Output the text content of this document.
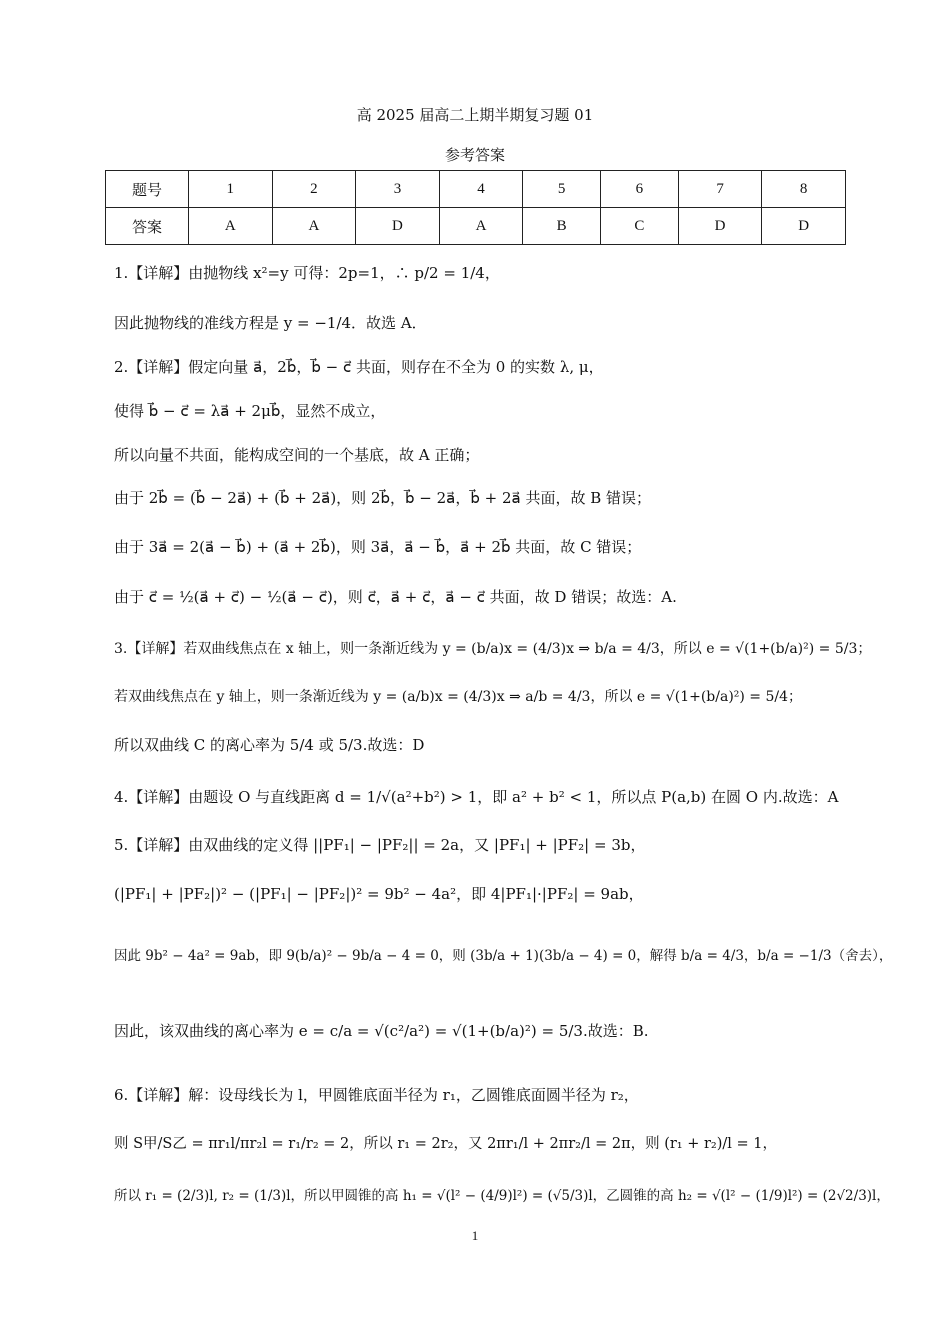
高 2025 届高二上期半期复习题 01
参考答案
题号	1	2	3	4	5	6	7	8
答案	A	A	D	A	B	C	D	D
1.【详解】由抛物线 x²=y 可得：2p=1，∴ p/2 = 1/4，
因此抛物线的准线方程是 y = −1/4．故选 A．
2.【详解】假定向量 a⃗，2b⃗，b⃗ − c⃗ 共面，则存在不全为 0 的实数 λ, μ，
使得 b⃗ − c⃗ = λa⃗ + 2μb⃗，显然不成立，
所以向量不共面，能构成空间的一个基底，故 A 正确；
由于 2b⃗ = (b⃗ − 2a⃗) + (b⃗ + 2a⃗)，则 2b⃗，b⃗ − 2a⃗，b⃗ + 2a⃗ 共面，故 B 错误；
由于 3a⃗ = 2(a⃗ − b⃗) + (a⃗ + 2b⃗)，则 3a⃗，a⃗ − b⃗，a⃗ + 2b⃗ 共面，故 C 错误；
由于 c⃗ = ½(a⃗ + c⃗) − ½(a⃗ − c⃗)，则 c⃗，a⃗ + c⃗，a⃗ − c⃗ 共面，故 D 错误；故选：A.
3.【详解】若双曲线焦点在 x 轴上，则一条渐近线为 y = (b/a)x = (4/3)x ⇒ b/a = 4/3，所以 e = √(1+(b/a)²) = 5/3；
若双曲线焦点在 y 轴上，则一条渐近线为 y = (a/b)x = (4/3)x ⇒ a/b = 4/3，所以 e = √(1+(b/a)²) = 5/4；
所以双曲线 C 的离心率为 5/4 或 5/3.故选：D
4.【详解】由题设 O 与直线距离 d = 1/√(a²+b²) > 1，即 a² + b² < 1，所以点 P(a,b) 在圆 O 内.故选：A
5.【详解】由双曲线的定义得 ||PF₁| − |PF₂|| = 2a，又 |PF₁| + |PF₂| = 3b，
(|PF₁| + |PF₂|)² − (|PF₁| − |PF₂|)² = 9b² − 4a²，即 4|PF₁|·|PF₂| = 9ab，
因此 9b² − 4a² = 9ab，即 9(b/a)² − 9b/a − 4 = 0，则 (3b/a + 1)(3b/a − 4) = 0，解得 b/a = 4/3，b/a = −1/3（舍去），
因此，该双曲线的离心率为 e = c/a = √(c²/a²) = √(1+(b/a)²) = 5/3.故选：B.
6.【详解】解：设母线长为 l，甲圆锥底面半径为 r₁，乙圆锥底面圆半径为 r₂，
则 S甲/S乙 = πr₁l/πr₂l = r₁/r₂ = 2，所以 r₁ = 2r₂，又 2πr₁/l + 2πr₂/l = 2π，则 (r₁ + r₂)/l = 1，
所以 r₁ = (2/3)l, r₂ = (1/3)l，所以甲圆锥的高 h₁ = √(l² − (4/9)l²) = (√5/3)l，乙圆锥的高 h₂ = √(l² − (1/9)l²) = (2√2/3)l，
1
